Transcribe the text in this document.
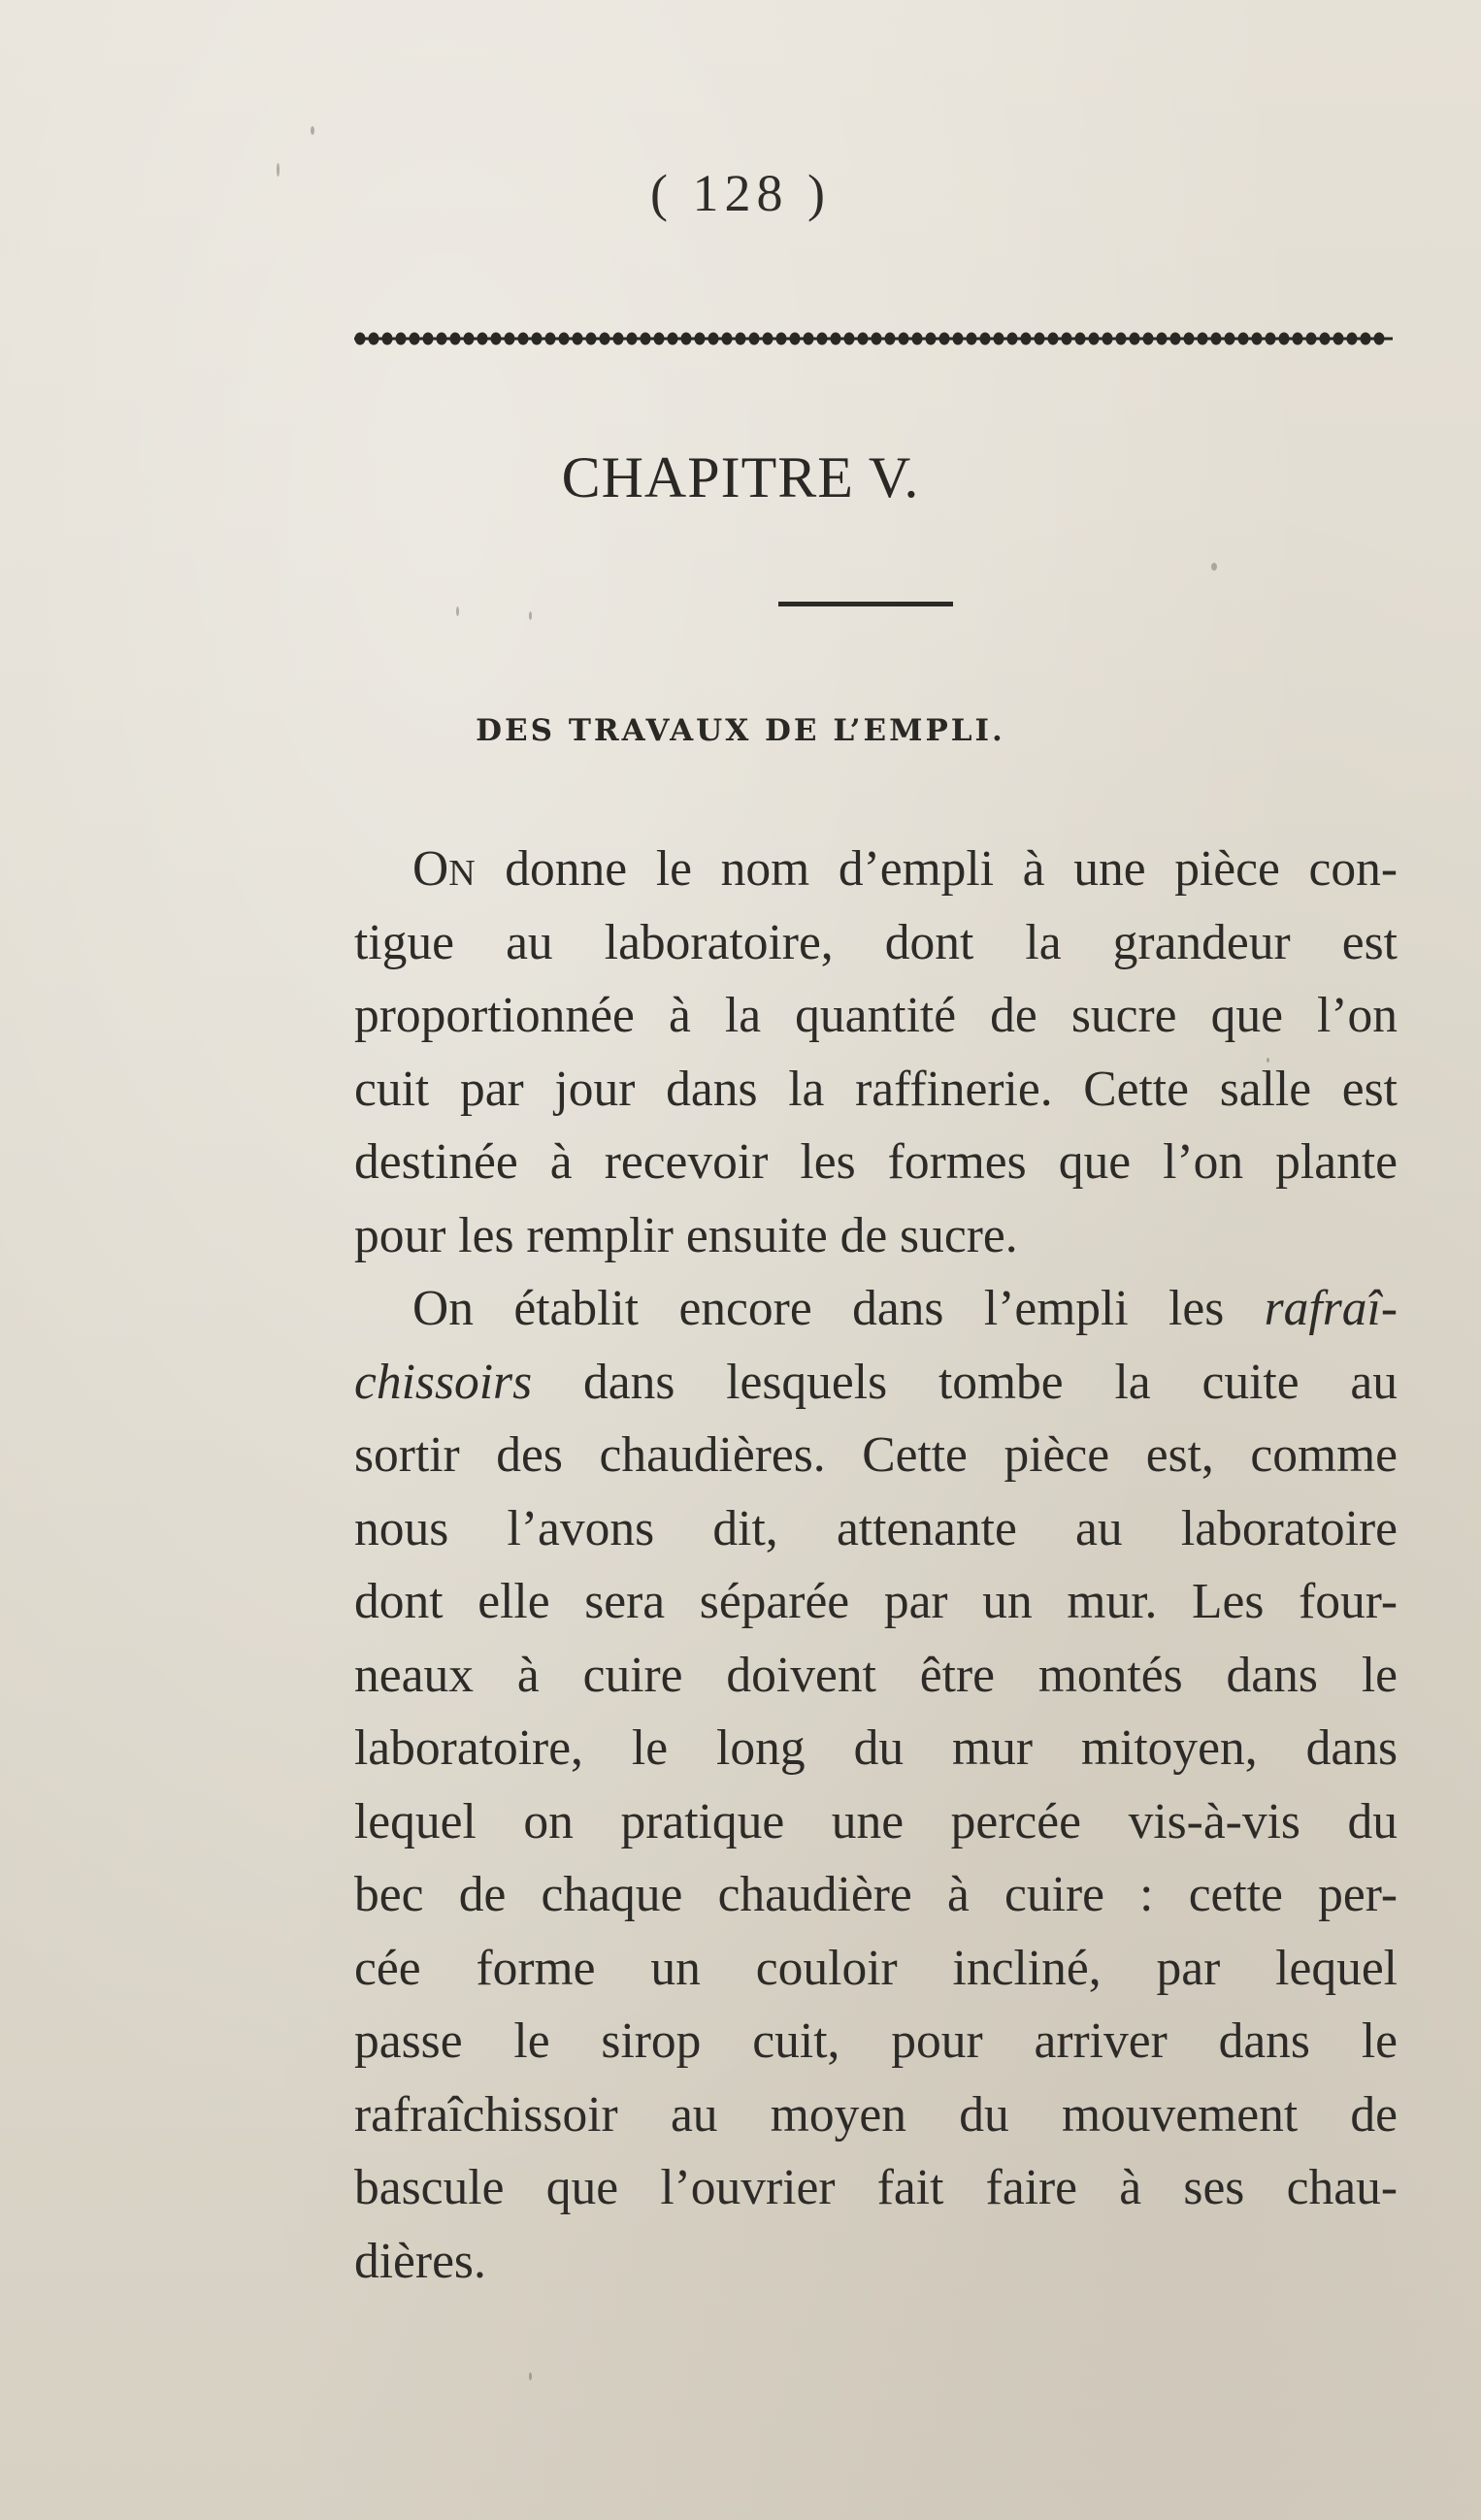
( 128 )
CHAPITRE V.
DES TRAVAUX DE L’EMPLI.
ON donne le nom d’empli à une pièce con-
tigue au laboratoire, dont la grandeur est
proportionnée à la quantité de sucre que l’on
cuit par jour dans la raffinerie. Cette salle est
destinée à recevoir les formes que l’on plante
pour les remplir ensuite de sucre.
On établit encore dans l’empli les rafraî-
chissoirs dans lesquels tombe la cuite au
sortir des chaudières. Cette pièce est, comme
nous l’avons dit, attenante au laboratoire
dont elle sera séparée par un mur. Les four-
neaux à cuire doivent être montés dans le
laboratoire, le long du mur mitoyen, dans
lequel on pratique une percée vis-à-vis du
bec de chaque chaudière à cuire : cette per-
cée forme un couloir incliné, par lequel
passe le sirop cuit, pour arriver dans le
rafraîchissoir au moyen du mouvement de
bascule que l’ouvrier fait faire à ses chau-
dières.
